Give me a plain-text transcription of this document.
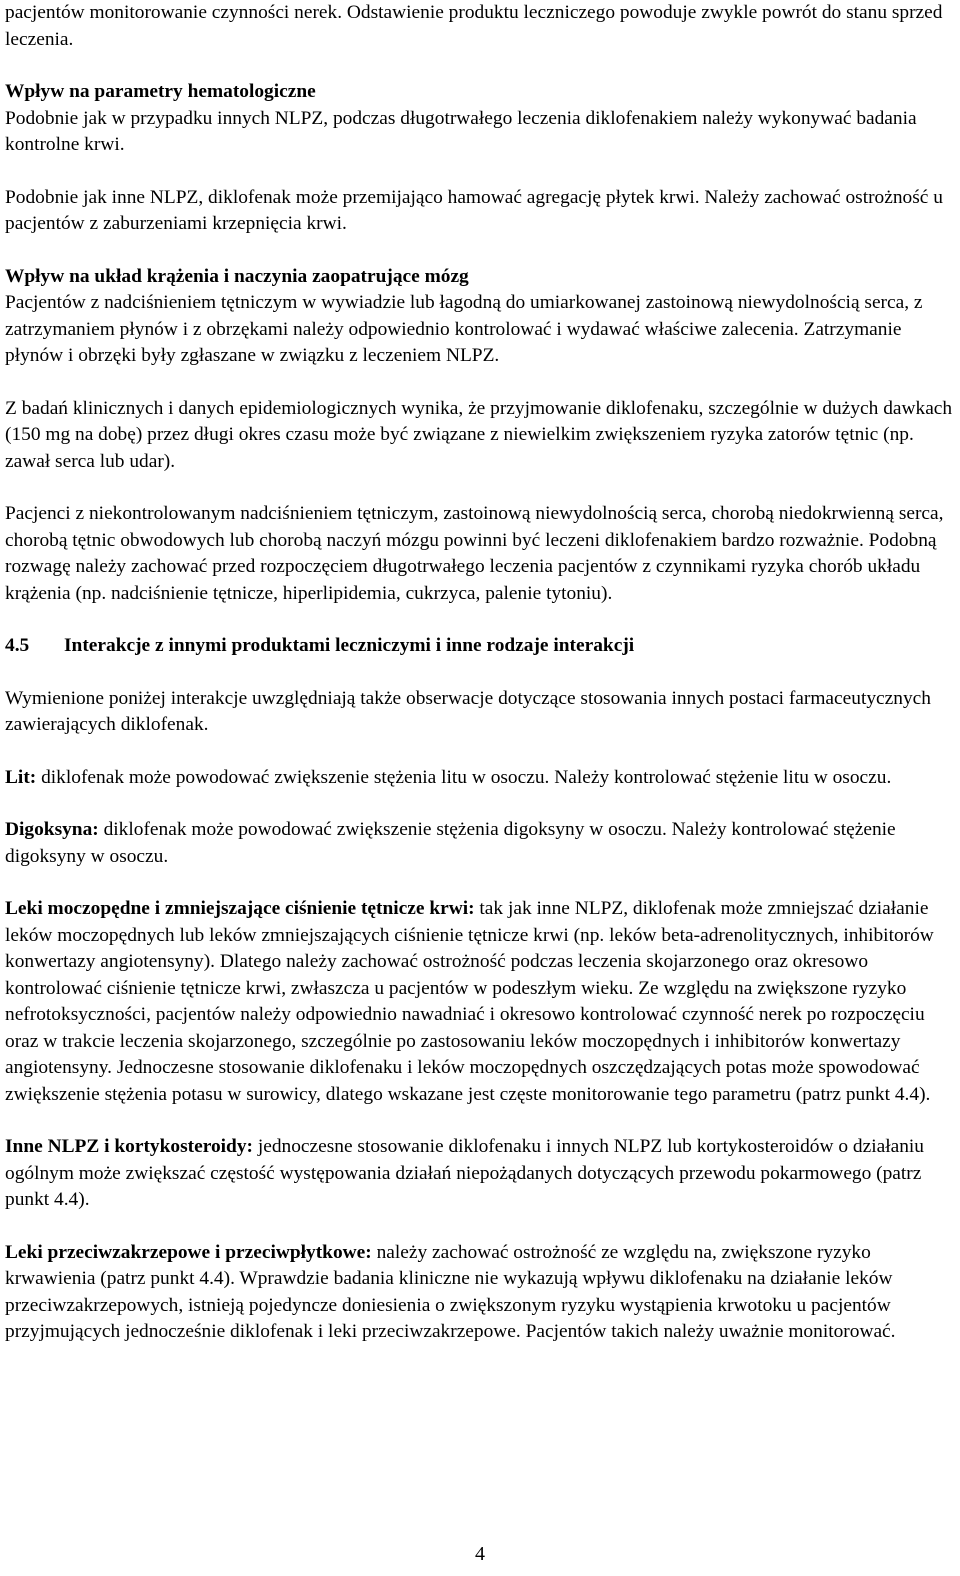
pacjentów monitorowanie czynności nerek. Odstawienie produktu leczniczego powoduje zwykle powrót do stanu sprzed leczenia.

Wpływ na parametry hematologiczne

Podobnie jak w przypadku innych NLPZ, podczas długotrwałego leczenia diklofenakiem należy wykonywać badania kontrolne krwi.

Podobnie jak inne NLPZ, diklofenak może przemijająco hamować agregację płytek krwi. Należy zachować ostrożność u pacjentów z zaburzeniami krzepnięcia krwi.

Wpływ na układ krążenia i naczynia zaopatrujące mózg

Pacjentów z nadciśnieniem tętniczym w wywiadzie lub łagodną do umiarkowanej zastoinową niewydolnością serca, z zatrzymaniem płynów i z obrzękami należy odpowiednio kontrolować i wydawać właściwe zalecenia. Zatrzymanie płynów i obrzęki były zgłaszane w związku z leczeniem NLPZ.

Z badań klinicznych i danych epidemiologicznych wynika, że przyjmowanie diklofenaku, szczególnie w dużych dawkach (150 mg na dobę) przez długi okres czasu może być związane z niewielkim zwiększeniem ryzyka zatorów tętnic (np. zawał serca lub udar).

Pacjenci z niekontrolowanym nadciśnieniem tętniczym, zastoinową niewydolnością serca, chorobą niedokrwienną serca, chorobą tętnic obwodowych lub chorobą naczyń mózgu powinni być leczeni diklofenakiem bardzo rozważnie. Podobną rozwagę należy zachować przed rozpoczęciem długotrwałego leczenia pacjentów z czynnikami ryzyka chorób układu krążenia (np. nadciśnienie tętnicze, hiperlipidemia, cukrzyca, palenie tytoniu).

4.5	Interakcje z innymi produktami leczniczymi i inne rodzaje interakcji

Wymienione poniżej interakcje uwzględniają także obserwacje dotyczące stosowania innych postaci farmaceutycznych zawierających diklofenak.

Lit: diklofenak może powodować zwiększenie stężenia litu w osoczu. Należy kontrolować stężenie litu w osoczu.

Digoksyna: diklofenak może powodować zwiększenie stężenia digoksyny w osoczu. Należy kontrolować stężenie digoksyny w osoczu.

Leki moczopędne i zmniejszające ciśnienie tętnicze krwi: tak jak inne NLPZ, diklofenak może zmniejszać działanie leków moczopędnych lub leków zmniejszających ciśnienie tętnicze krwi (np. leków beta-adrenolitycznych, inhibitorów konwertazy angiotensyny). Dlatego należy zachować ostrożność podczas leczenia skojarzonego oraz okresowo kontrolować ciśnienie tętnicze krwi, zwłaszcza u pacjentów w podeszłym wieku. Ze względu na zwiększone ryzyko nefrotoksyczności, pacjentów należy odpowiednio nawadniać i okresowo kontrolować czynność nerek po rozpoczęciu oraz w trakcie leczenia skojarzonego, szczególnie po zastosowaniu leków moczopędnych i inhibitorów konwertazy angiotensyny. Jednoczesne stosowanie diklofenaku i leków moczopędnych oszczędzających potas może spowodować zwiększenie stężenia potasu w surowicy, dlatego wskazane jest częste monitorowanie tego parametru (patrz punkt 4.4).

Inne NLPZ i kortykosteroidy: jednoczesne stosowanie diklofenaku i innych NLPZ lub kortykosteroidów o działaniu ogólnym może zwiększać częstość występowania działań niepożądanych dotyczących przewodu pokarmowego (patrz punkt 4.4).

Leki przeciwzakrzepowe i przeciwpłytkowe: należy zachować ostrożność ze względu na, zwiększone ryzyko krwawienia (patrz punkt 4.4). Wprawdzie badania kliniczne nie wykazują wpływu diklofenaku na działanie leków przeciwzakrzepowych, istnieją pojedyncze doniesienia o zwiększonym ryzyku wystąpienia krwotoku u pacjentów przyjmujących jednocześnie diklofenak i leki przeciwzakrzepowe. Pacjentów takich należy uważnie monitorować.

4
